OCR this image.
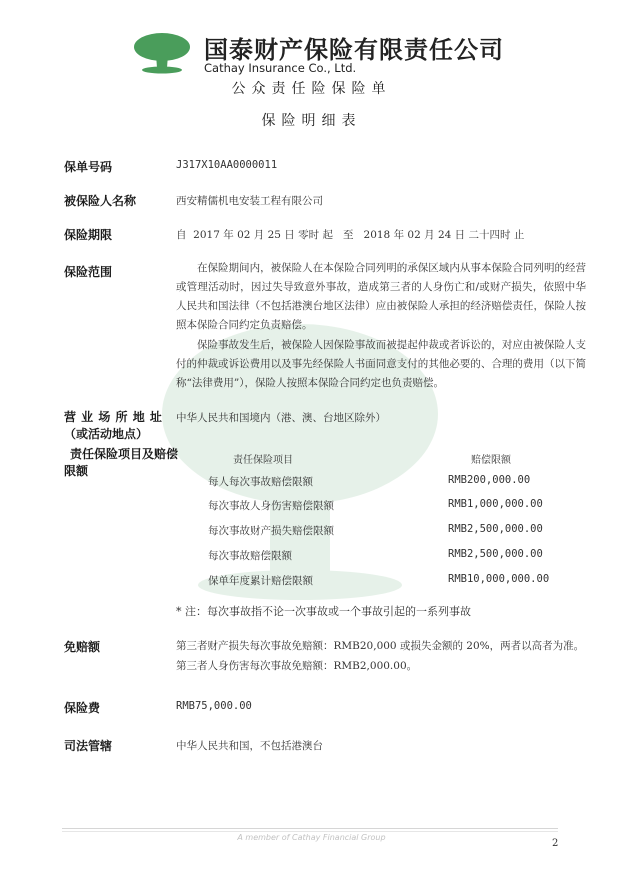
国泰财产保险有限责任公司
Cathay Insurance Co., Ltd.
公众责任险保险单
保险明细表
保单号码	J317X10AA0000011
被保险人名称	西安精儒机电安装工程有限公司
保险期限	自  2017 年 02 月 25 日 零时 起   至   2018 年 02 月 24 日 二十四时 止
保险范围	在保险期间内，被保险人在本保险合同列明的承保区域内从事本保险合同列明的经营或管理活动时，因过失导致意外事故，造成第三者的人身伤亡和/或财产损失，依照中华人民共和国法律（不包括港澳台地区法律）应由被保险人承担的经济赔偿责任，保险人按照本保险合同约定负责赔偿。
保险事故发生后，被保险人因保险事故而被提起仲裁或者诉讼的，对应由被保险人支付的仲裁或诉讼费用以及事先经保险人书面同意支付的其他必要的、合理的费用（以下简称“法律费用”），保险人按照本保险合同约定也负责赔偿。
营 业 场 所 地 址
（或活动地点）
中华人民共和国境内（港、澳、台地区除外）
责任保险项目及赔偿
限额
责任保险项目	赔偿限额
每人每次事故赔偿限额	RMB200,000.00
每次事故人身伤害赔偿限额	RMB1,000,000.00
每次事故财产损失赔偿限额	RMB2,500,000.00
每次事故赔偿限额	RMB2,500,000.00
保单年度累计赔偿限额	RMB10,000,000.00
* 注：每次事故指不论一次事故或一个事故引起的一系列事故
免赔额	第三者财产损失每次事故免赔额：RMB20,000 或损失金额的 20%，两者以高者为准。
第三者人身伤害每次事故免赔额：RMB2,000.00。
保险费	RMB75,000.00
司法管辖	中华人民共和国，不包括港澳台
A member of Cathay Financial Group
2
